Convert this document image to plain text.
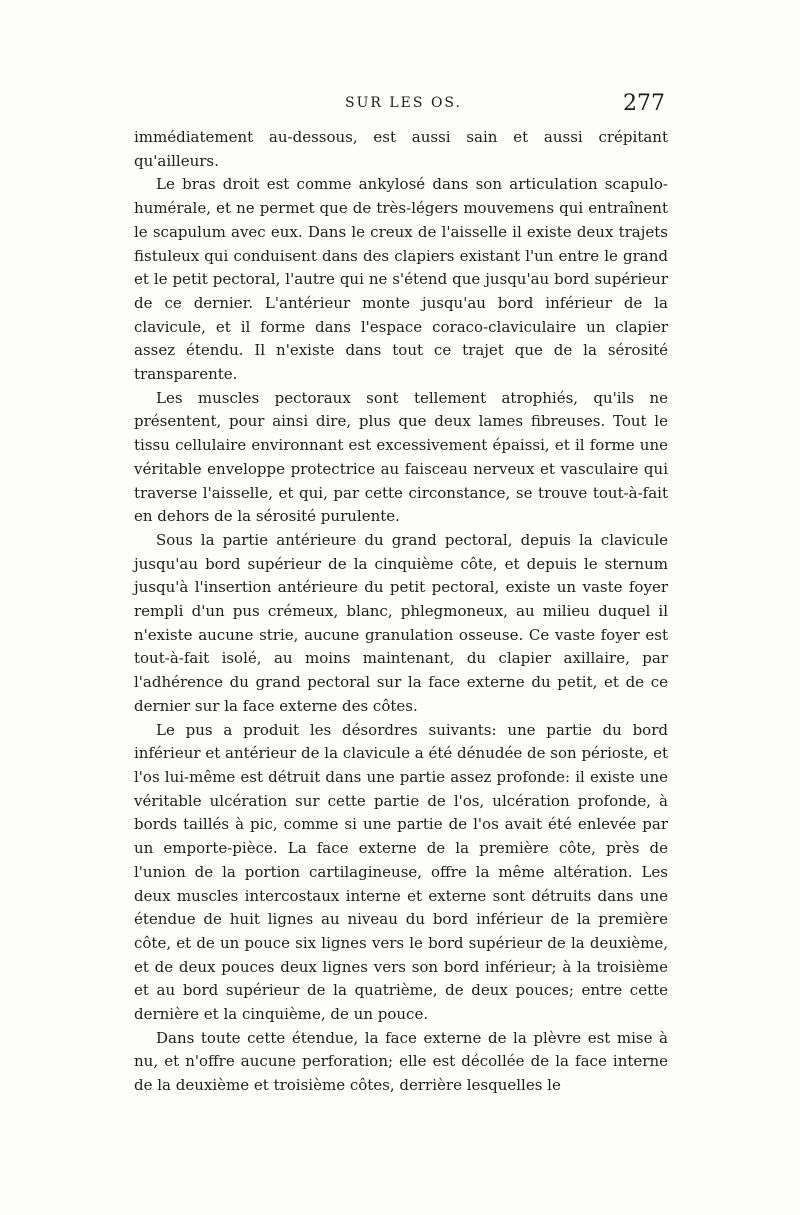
SUR LES OS.	277

immédiatement au-dessous, est aussi sain et aussi crépitant qu'ailleurs.

Le bras droit est comme ankylosé dans son articulation scapulo-humérale, et ne permet que de très-légers mouvemens qui entraînent le scapulum avec eux. Dans le creux de l'aisselle il existe deux trajets fistuleux qui conduisent dans des clapiers existant l'un entre le grand et le petit pectoral, l'autre qui ne s'étend que jusqu'au bord supérieur de ce dernier. L'antérieur monte jusqu'au bord inférieur de la clavicule, et il forme dans l'espace coraco-claviculaire un clapier assez étendu. Il n'existe dans tout ce trajet que de la sérosité transparente.

Les muscles pectoraux sont tellement atrophiés, qu'ils ne présentent, pour ainsi dire, plus que deux lames fibreuses. Tout le tissu cellulaire environnant est excessivement épaissi, et il forme une véritable enveloppe protectrice au faisceau nerveux et vasculaire qui traverse l'aisselle, et qui, par cette circonstance, se trouve tout-à-fait en dehors de la sérosité purulente.

Sous la partie antérieure du grand pectoral, depuis la clavicule jusqu'au bord supérieur de la cinquième côte, et depuis le sternum jusqu'à l'insertion antérieure du petit pectoral, existe un vaste foyer rempli d'un pus crémeux, blanc, phlegmoneux, au milieu duquel il n'existe aucune strie, aucune granulation osseuse. Ce vaste foyer est tout-à-fait isolé, au moins maintenant, du clapier axillaire, par l'adhérence du grand pectoral sur la face externe du petit, et de ce dernier sur la face externe des côtes.

Le pus a produit les désordres suivants: une partie du bord inférieur et antérieur de la clavicule a été dénudée de son périoste, et l'os lui-même est détruit dans une partie assez profonde: il existe une véritable ulcération sur cette partie de l'os, ulcération profonde, à bords taillés à pic, comme si une partie de l'os avait été enlevée par un emporte-pièce. La face externe de la première côte, près de l'union de la portion cartilagineuse, offre la même altération. Les deux muscles intercostaux interne et externe sont détruits dans une étendue de huit lignes au niveau du bord inférieur de la première côte, et de un pouce six lignes vers le bord supérieur de la deuxième, et de deux pouces deux lignes vers son bord inférieur; à la troisième et au bord supérieur de la quatrième, de deux pouces; entre cette dernière et la cinquième, de un pouce.

Dans toute cette étendue, la face externe de la plèvre est mise à nu, et n'offre aucune perforation; elle est décollée de la face interne de la deuxième et troisième côtes, derrière lesquelles le
